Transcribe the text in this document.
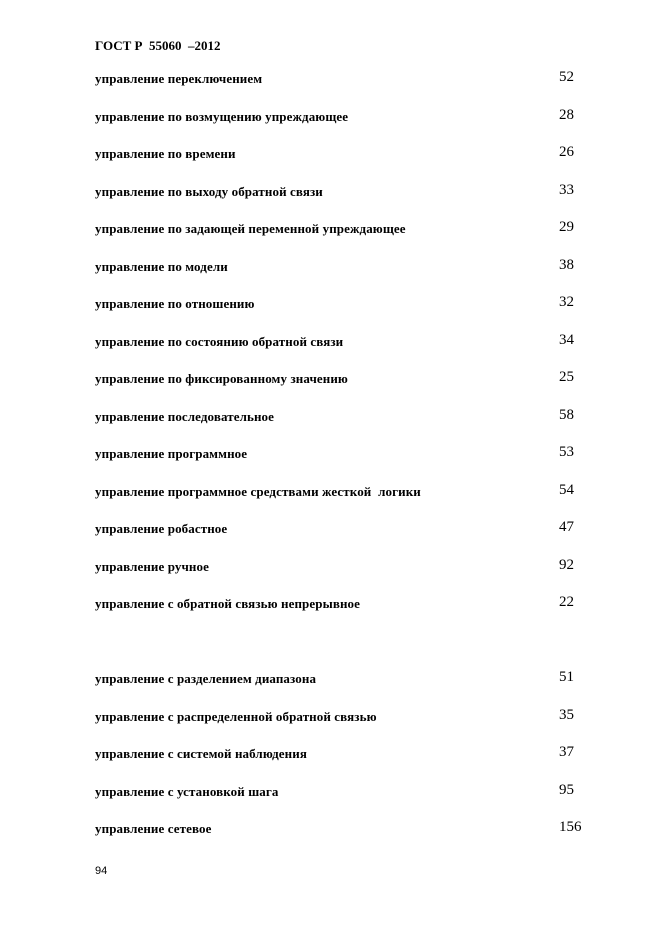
ГОСТ Р  55060  –2012
управление переключением	52
управление по возмущению упреждающее	28
управление по времени	26
управление по выходу обратной связи	33
управление по задающей переменной упреждающее	29
управление по модели	38
управление по отношению	32
управление по состоянию обратной связи	34
управление по фиксированному значению	25
управление последовательное	58
управление программное	53
управление программное средствами жесткой  логики	54
управление робастное	47
управление ручное	92
управление с обратной связью непрерывное	22
управление с разделением диапазона	51
управление с распределенной обратной связью	35
управление с системой наблюдения	37
управление с установкой шага	95
управление сетевое	156
94
